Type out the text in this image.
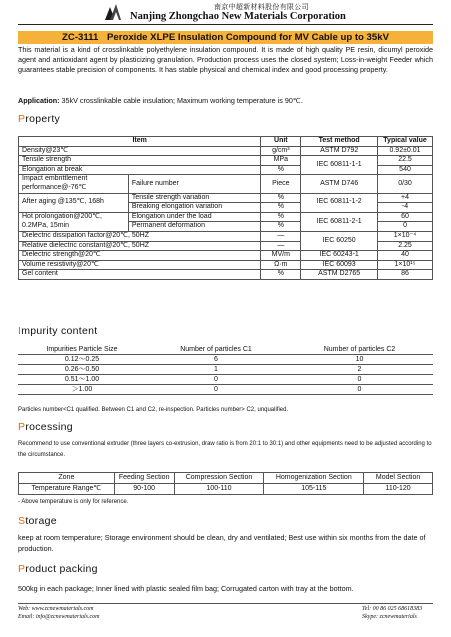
南京中超新材料股份有限公司
Nanjing Zhongchao New Materials Corporation
ZC-3111 Peroxide XLPE Insulation Compound for MV Cable up to 35kV
This material is a kind of crosslinkable polyethylene insulation compound. It is made of high quality PE resin, dicumyl peroxide agent and antioxidant agent by plasticizing granulation. Production process uses the closed system; Loss-in-weight Feeder which guarantees stable precision of components. It has stable physical and chemical index and good processing property.
Application: 35kV crosslinkable cable insulation; Maximum working temperature is 90℃.
Property
Item		Unit	Test method	Typical value
Density@23℃		g/cm³	ASTM D792	0.92±0.01
Tensile strength		MPa	IEC 60811-1-1	22.5
Elongation at break		%		540
Impact embrittlement performance@-76℃	Failure number	Piece	ASTM D746	0/30
After aging @135℃, 168h	Tensile strength variation	%	IEC 60811-1-2	+4
	Breaking elongation variation	%		-4
Hot prolongation@200℃, 0.2MPa, 15min	Elongation under the load	%	IEC 60811-2-1	60
	Permanent deformation	%		0
Dielectric dissipation factor@20℃, 50HZ		—	IEC 60250	1×10⁻⁴
Relative dielectric constant@20℃, 50HZ		—		2.25
Dielectric strength@20℃		MV/m	IEC 60243-1	40
Volume resistivity@20℃		Ω·m	IEC 60093	1×10¹⁵
Gel content		%	ASTM D2765	86
Impurity content
Impurities Particle Size	Number of particles C1	Number of particles C2
0.12～0.25	6	10
0.26～0.50	1	2
0.51～1.00	0	0
＞1.00	0	0
Particles number<C1 qualified. Between C1 and C2, re-inspection. Particles number> C2, unqualified.
Processing
Recommend to use conventional extruder (three layers co-extrusion, draw ratio is from 20:1 to 30:1) and other equipments need to be adjusted according to the circumstance.
Zone	Feeding Section	Compression Section	Homogenization Section	Model Section
Temperature Range℃	90-100	100-110	105-115	110-120
- Above temperature is only for reference.
Storage
keep at room temperature; Storage environment should be clean, dry and ventilated; Best use within six months from the date of production.
Product packing
500kg in each package; Inner lined with plastic sealed film bag; Corrugated carton with tray at the bottom.
Web: www.zcnewmaterials.com
Email: info@zcnewmaterials.com
Tel: 00 86 025 68618383
Skype: zcnewmaterials
